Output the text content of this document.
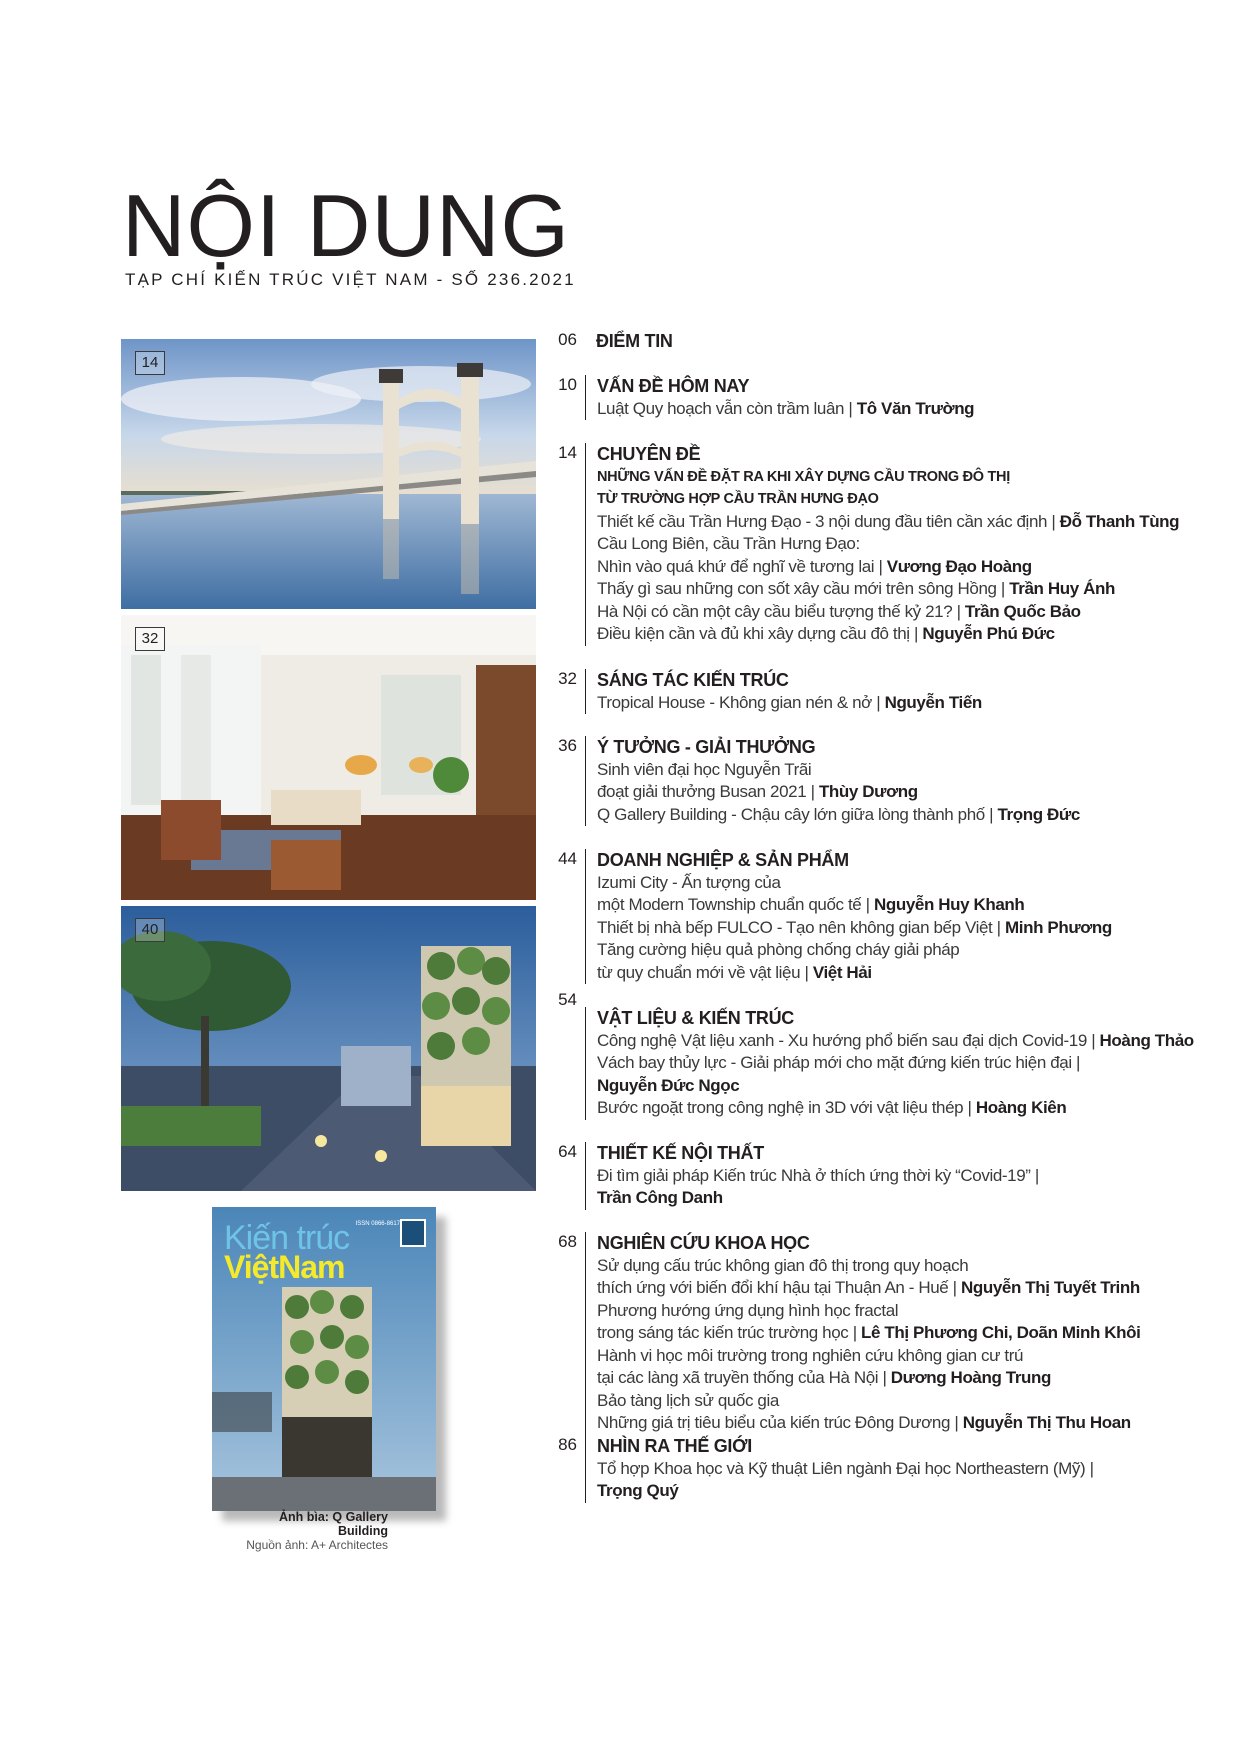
NỘI DUNG
TẠP CHÍ KIẾN TRÚC VIỆT NAM - SỐ 236.2021
14
32
40
Kiến trúc
ViệtNam
ISSN 0866-8617
Ảnh bìa: Q Gallery Building
Nguồn ảnh: A+ Architectes
06 ĐIỂM TIN
10 VẤN ĐỀ HÔM NAY
Luật Quy hoạch vẫn còn trầm luân | Tô Văn Trường
14 CHUYÊN ĐỀ
NHỮNG VẤN ĐỀ ĐẶT RA KHI XÂY DỰNG CẦU TRONG ĐÔ THỊ
TỪ TRƯỜNG HỢP CẦU TRẦN HƯNG ĐẠO
Thiết kế cầu Trần Hưng Đạo - 3 nội dung đầu tiên cần xác định | Đỗ Thanh Tùng
Cầu Long Biên, cầu Trần Hưng Đạo:
Nhìn vào quá khứ để nghĩ về tương lai | Vương Đạo Hoàng
Thấy gì sau những con sốt xây cầu mới trên sông Hồng | Trần Huy Ánh
Hà Nội có cần một cây cầu biểu tượng thế kỷ 21? | Trần Quốc Bảo
Điều kiện cần và đủ khi xây dựng cầu đô thị | Nguyễn Phú Đức
32 SÁNG TÁC KIẾN TRÚC
Tropical House - Không gian nén & nở | Nguyễn Tiến
36 Ý TƯỞNG - GIẢI THƯỞNG
Sinh viên đại học Nguyễn Trãi
đoạt giải thưởng Busan 2021 | Thùy Dương
Q Gallery Building - Chậu cây lớn giữa lòng thành phố | Trọng Đức
44 DOANH NGHIỆP & SẢN PHẨM
Izumi City - Ấn tượng của
một Modern Township chuẩn quốc tế | Nguyễn Huy Khanh
Thiết bị nhà bếp FULCO - Tạo nên không gian bếp Việt | Minh Phương
Tăng cường hiệu quả phòng chống cháy giải pháp
từ quy chuẩn mới về vật liệu | Việt Hải
54
VẬT LIỆU & KIẾN TRÚC
Công nghệ Vật liệu xanh - Xu hướng phổ biến sau đại dịch Covid-19 | Hoàng Thảo
Vách bay thủy lực - Giải pháp mới cho mặt đứng kiến trúc hiện đại |
Nguyễn Đức Ngọc
Bước ngoặt trong công nghệ in 3D với vật liệu thép | Hoàng Kiên
64 THIẾT KẾ NỘI THẤT
Đi tìm giải pháp Kiến trúc Nhà ở thích ứng thời kỳ “Covid-19” |
Trần Công Danh
68 NGHIÊN CỨU KHOA HỌC
Sử dụng cấu trúc không gian đô thị trong quy hoạch
thích ứng với biến đổi khí hậu tại Thuận An - Huế | Nguyễn Thị Tuyết Trinh
Phương hướng ứng dụng hình học fractal
trong sáng tác kiến trúc trường học | Lê Thị Phương Chi, Doãn Minh Khôi
Hành vi học môi trường trong nghiên cứu không gian cư trú
tại các làng xã truyền thống của Hà Nội | Dương Hoàng Trung
Bảo tàng lịch sử quốc gia
Những giá trị tiêu biểu của kiến trúc Đông Dương | Nguyễn Thị Thu Hoan
86 NHÌN RA THẾ GIỚI
Tổ hợp Khoa học và Kỹ thuật Liên ngành Đại học Northeastern (Mỹ) |
Trọng Quý
